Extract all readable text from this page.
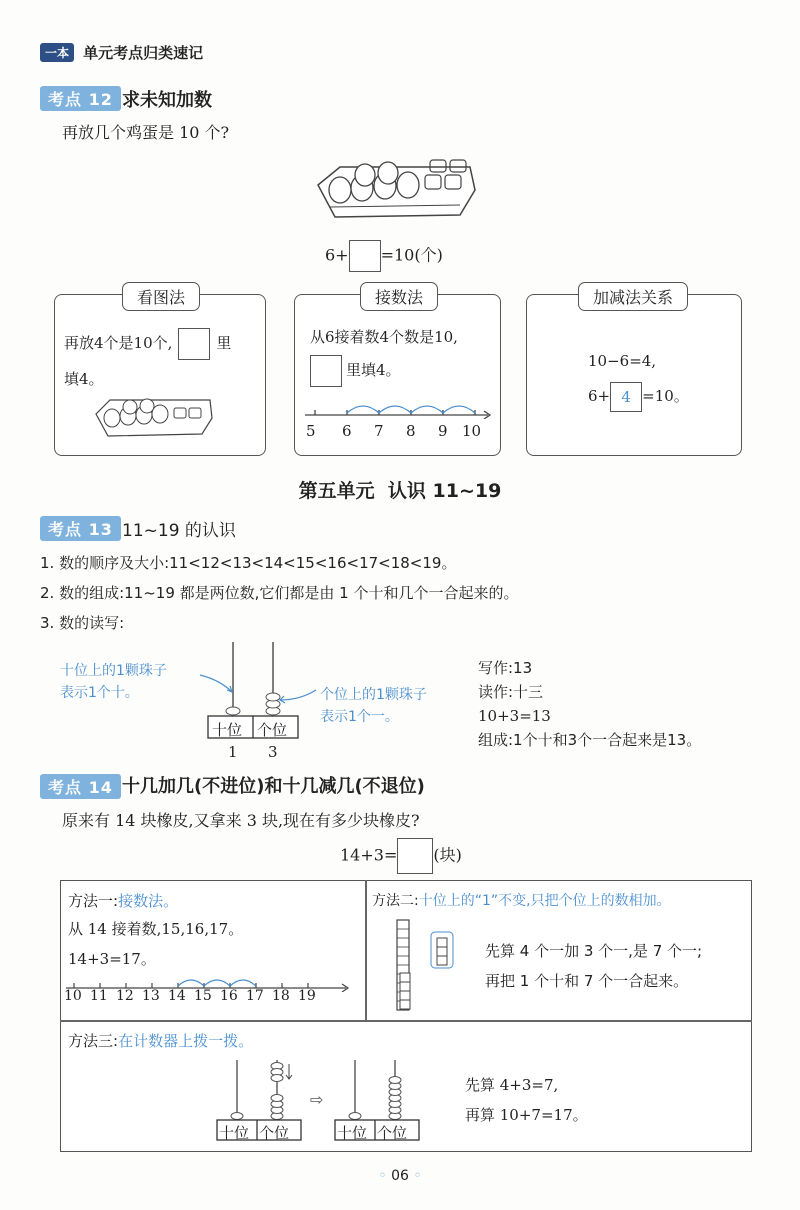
一本 单元考点归类速记
考点 12 求未知加数
再放几个鸡蛋是 10 个?
6+ =10(个)
看图法
再放4个是10个,	里
填4。
接数法
从6接着数4个数是10,
里填4。
5 6 7 8 9 10
加减法关系
10−6=4,
6+ 4 =10。
第五单元  认识 11~19
考点 13 11~19 的认识
1. 数的顺序及大小:11<12<13<14<15<16<17<18<19。
2. 数的组成:11~19 都是两位数,它们都是由 1 个十和几个一合起来的。
3. 数的读写:
十位 个位
1 3
十位上的1颗珠子
表示1个十。	个位上的1颗珠子
表示1个一。
写作:13
读作:十三
10+3=13
组成:1个十和3个一合起来是13。
考点 14 十几加几(不进位)和十几减几(不退位)
原来有 14 块橡皮,又拿来 3 块,现在有多少块橡皮?
14+3= (块)
方法一:接数法。
从 14 接着数,15,16,17。
14+3=17。
10 11 12 13 14 15 16 17 18 19
方法二:十位上的“1”不变,只把个位上的数相加。
先算 4 个一加 3 个一,是 7 个一;
再把 1 个十和 7 个一合起来。
方法三:在计数器上拨一拨。
十位 个位
⇨
十位 个位
先算 4+3=7,
再算 10+7=17。
◦ 06 ◦
